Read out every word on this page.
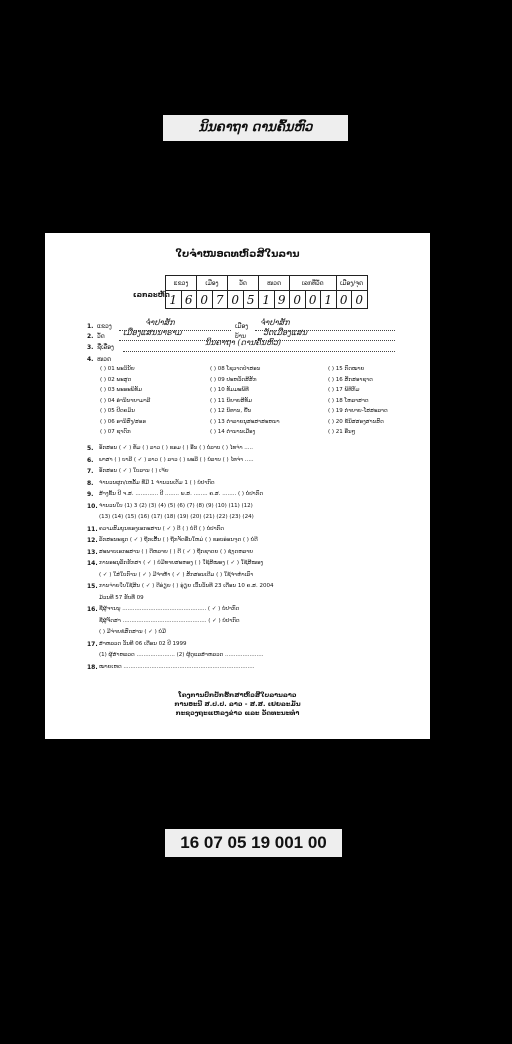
ນິນຄາຖາ ດານຄົ້ນຫົວ
ໃບຈໍາໜອດທຫົວສີໃນລານ
ເລກລະຫັດ
ແຂວງ		ເມືອງ		ວັດ		ໜວດ		ເລກທີ່ວັດ			ເມືອງ/ຈຸດ	
1	6	0	7	0	5	1	9	0	0	1	0	0
1. ແຂວງ	ຈໍາປາສັກ	ເມືອງ ຈໍາປາສັກ
2. ວັດ ເມືອງແສນນາຣາມ	ບ້ານ ວັດເມືອງແສນ
3. ຊື່ເລື່ອງ
ນິນຄາຖາ (ດານຄົ້ນຫົວ)
4. ໜວດ
( ) 01 ພະວິນັຍ
( ) 02 ພະສູດ
( ) 03 ພະອະພິທັມ
( ) 04 ອໍານິນາຍາມາລີ
( ) 05 ປີດຄມິນ
( ) 06 ອານິສົງ/ສອຣ
( ) 07 ຊາດົກ
( ) 08 ໂຊວາດປ່າສອນ
( ) 09 ປະຫວັດສີສັກ
( ) 10 ທັມມະພິທີ
( ) 11 ນິຍາຍສີທັມ
( ) 12 ນິທານ, ຢື້ນ
( ) 13 ຕໍາລາຍນຸສະສາສະຫນາ
( ) 14 ຕໍານານເມືອງ
( ) 15 ກົດໝາຍ
( ) 16 ສັກສອາຊາດ
( ) 17 ພິທີກັມ
( ) 18 ໂຫລາສາດ
( ) 19 ກໍາຍາຍ-ໂສສະລາດ
( ) 20 ຂໍ້ນິສສອງສານສົດ
( ) 21 ອື່ນໆ
5. ອັກສອນ ( ✓ ) ທັມ ( ) ລາວ ( ) ຂອມ ( ) ອື່ນ ( ) ບໍ່ລາບ ( ) ໄທຈ່າ .....
6. ພາສາ ( ) ບາລີ ( ✓ ) ລາວ ( ) ລາວ ( ) ພະລີ ( ) ບໍ່ລາບ ( ) ໄທຈ່າ .....
7. ອັກສອນ ( ✓ ) ໃບລານ ( ) ເຈ້ຍ
8. ຈໍານວນຜູກ/ເຫລັ້ມ ທີ່ມີ 1 ຈໍານວນເຕັມ 1 ( ) ບໍ່ປາກົດ
9. ສ້າງຂຶ້ນ ປີ ຈ.ສ. ............. ປີ ........ ພ.ສ. ........ ຄ.ສ. ........ ( ) ບໍ່ປາກົດ
10. ຈໍານວນໃບ (1) 3 (2) (3) (4) (5) (6) (7) (8) (9) (10) (11) (12)
(13) (14) (15) (16) (17) (18) (19) (20) (21) (22) (23) (24)
11. ຄວາມສົມບູນຂອງເອກະສານ ( ✓ ) ດີ ( ) ບໍ່ດີ ( ) ບໍ່ປາກົດ
12. ລັກສະນະຊຸດ ( ✓ ) ຖືກເສັ້ນ ( ) ຖືກຈັດອື່ນໃຫມ່ ( ) ຂອບອ່ອນຈຸດ ( ) ບໍ່ດີ
13. ສະພາບເອກະສານ ( ) ດີຫລາຍ ( ) ດີ ( ✓ ) ຖືກຊາດຍ ( ) ຊໍາຸດຫລາຍ
14. ການອະນຸລັກຮັກສາ ( ✓ ) ບໍ່ມີທາຍສະຫອງ ( ) ໃຊ້ສີໝອງ ( ✓ ) ໃຊ້ສີໝອງ
( ✓ ) ໃສ່ໃບກົານ ( ✓ ) ມີຈໍາຫໍ້າ ( ✓ ) ສັກສອນເດີມ ( ) ໃຊ້ຈໍາຫໍ່າເລົາ
15. ການຈ່າຍໃບໃຊ້ສິນ ( ✓ ) ດີອ່ຽຍ ( ) ອຸ່ຽຍ ເວົ້ນວັນທີ 23 ເດືອນ 10 ຄ.ສ. 2004
ມ້ວນທີ 57 ຮັບທີ່ 09
16. ຊື່ຜູ້ຈານນຸ ................................................ ( ✓ ) ບໍ່ປາກົດ
ຊື່ຜູ້ຈັດສາ ................................................ ( ✓ ) ບໍ່ປາກົດ
( ) ມີຈ່າຍຂໍສົດສານ ( ✓ ) ບໍ່ມີ
17. ສໍາຫລວດ ວັນທີ 06 ເດືອນ 02 ປີ 1999
(1) ຜູ້ສໍາຫລວດ ...................... (2) ຜູ້ດູແລສໍາຫລວດ ......................
18. ໝາຍເຫດ ...........................................................................
ໂຄງການປົກປັກຮັກສາຫົວສີໃບລານລາວ
ການອະນີ ສ.ປ.ປ. ລາວ - ສ.ສ. ເຢຍລະມັນ
ກະຊວງຖະແຫລງຂ່າວ ແລະ ວັດທະນະທໍາ
16 07 05 19 001 00
